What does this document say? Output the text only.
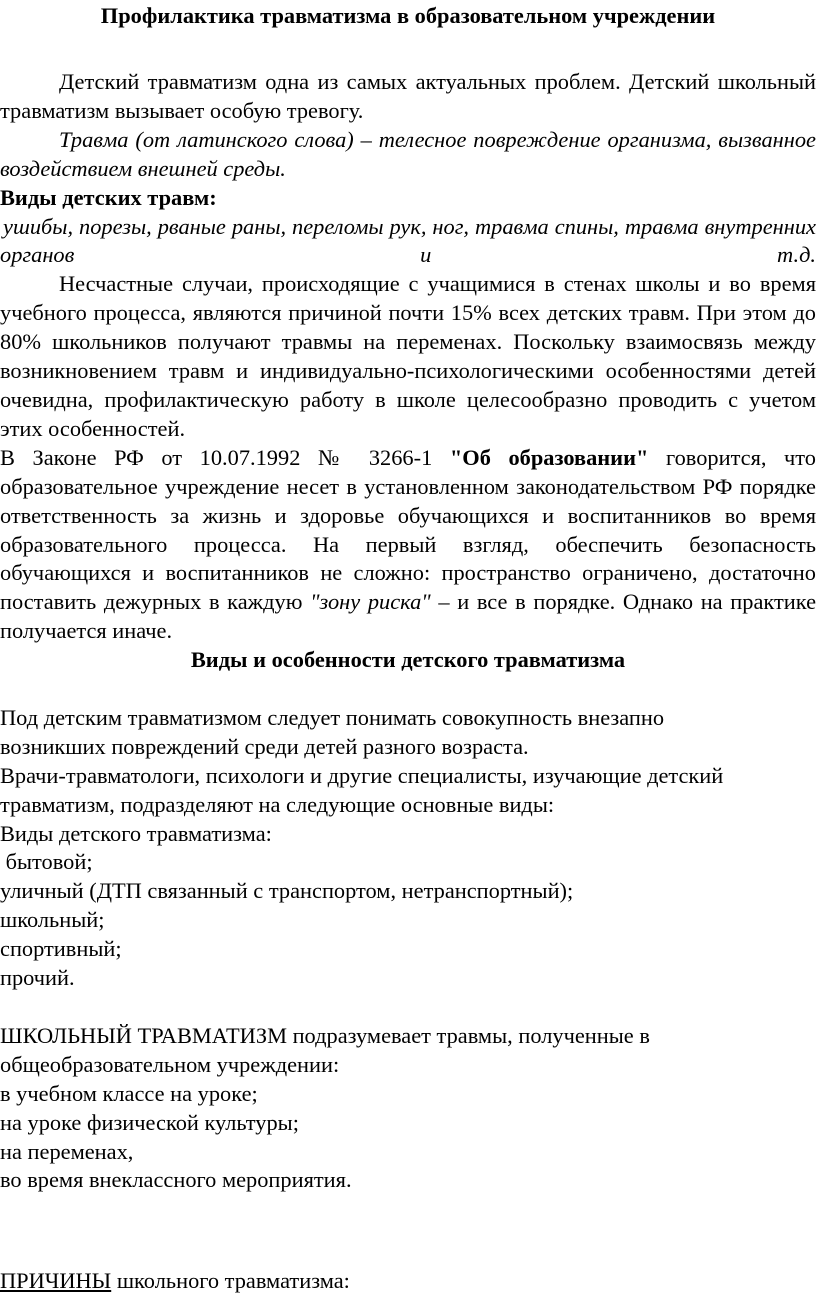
Профилактика травматизма в образовательном учреждении

Детский травматизм одна из самых актуальных проблем. Детский школьный травматизм вызывает особую тревогу.

Травма (от латинского слова) – телесное повреждение организма, вызванное воздействием внешней среды.

Виды детских травм:

ушибы, порезы, рваные раны, переломы рук, ног, травма спины, травма внутренних органов и т.д.

Несчастные случаи, происходящие с учащимися в стенах школы и во время учебного процесса, являются причиной почти 15% всех детских травм. При этом до 80% школьников получают травмы на переменах. Поскольку взаимосвязь между возникновением травм и индивидуально-психологическими особенностями детей очевидна, профилактическую работу в школе целесообразно проводить с учетом этих особенностей.

В Законе РФ от 10.07.1992 № 3266-1 "Об образовании" говорится, что образовательное учреждение несет в установленном законодательством РФ порядке ответственность за жизнь и здоровье обучающихся и воспитанников во время образовательного процесса. На первый взгляд, обеспечить безопасность обучающихся и воспитанников не сложно: пространство ограничено, достаточно поставить дежурных в каждую "зону риска" – и все в порядке. Однако на практике получается иначе.

Виды и особенности детского травматизма

Под детским травматизмом следует понимать совокупность внезапно

возникших повреждений среди детей разного возраста.

Врачи-травматологи, психологи и другие специалисты, изучающие детский

травматизм, подразделяют на следующие основные виды:

Виды детского травматизма:

бытовой;

уличный (ДТП связанный с транспортом, нетранспортный);

школьный;

спортивный;

прочий.

ШКОЛЬНЫЙ ТРАВМАТИЗМ подразумевает травмы, полученные в

общеобразовательном учреждении:

в учебном классе на уроке;

на уроке физической культуры;

на переменах,

во время внеклассного мероприятия.

ПРИЧИНЫ школьного травматизма:
